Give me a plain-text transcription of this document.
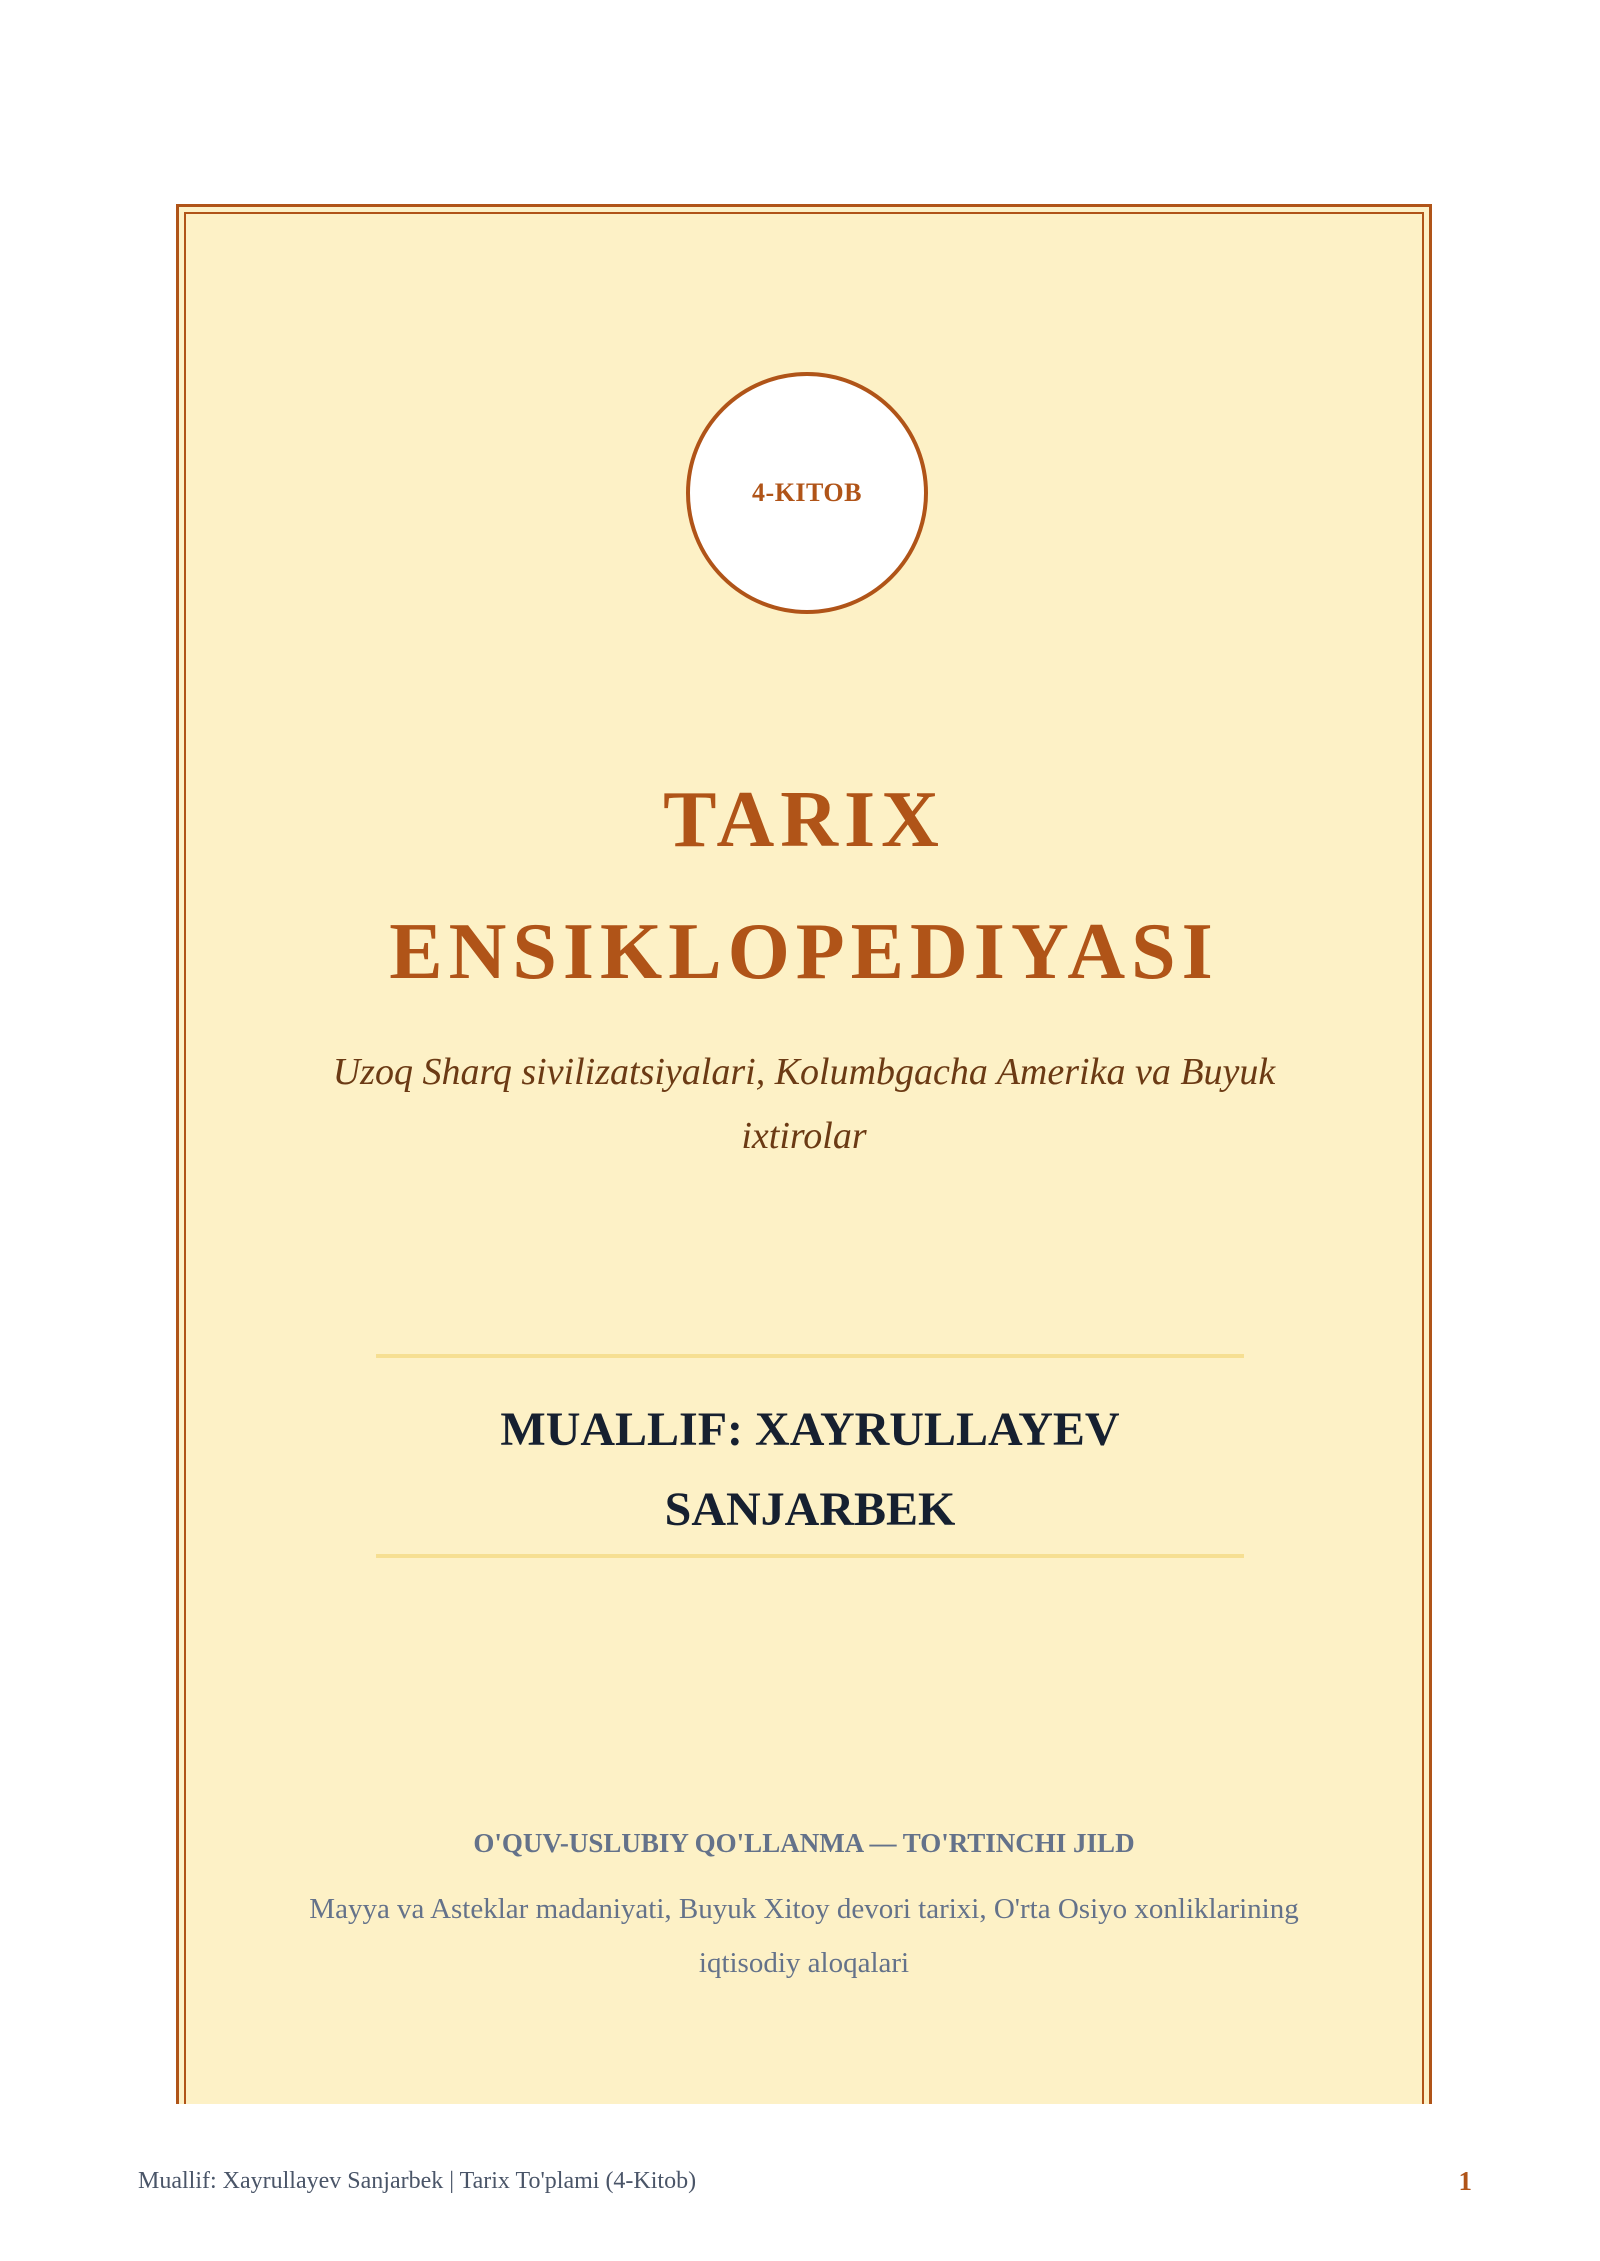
4-KITOB
TARIX
ENSIKLOPEDIYASI
Uzoq Sharq sivilizatsiyalari, Kolumbgacha Amerika va Buyuk ixtirolar
MUALLIF: XAYRULLAYEV
SANJARBEK
O'QUV-USLUBIY QO'LLANMA — TO'RTINCHI JILD
Mayya va Asteklar madaniyati, Buyuk Xitoy devori tarixi, O'rta Osiyo xonliklarining iqtisodiy aloqalari
Muallif: Xayrullayev Sanjarbek | Tarix To'plami (4-Kitob)	1
